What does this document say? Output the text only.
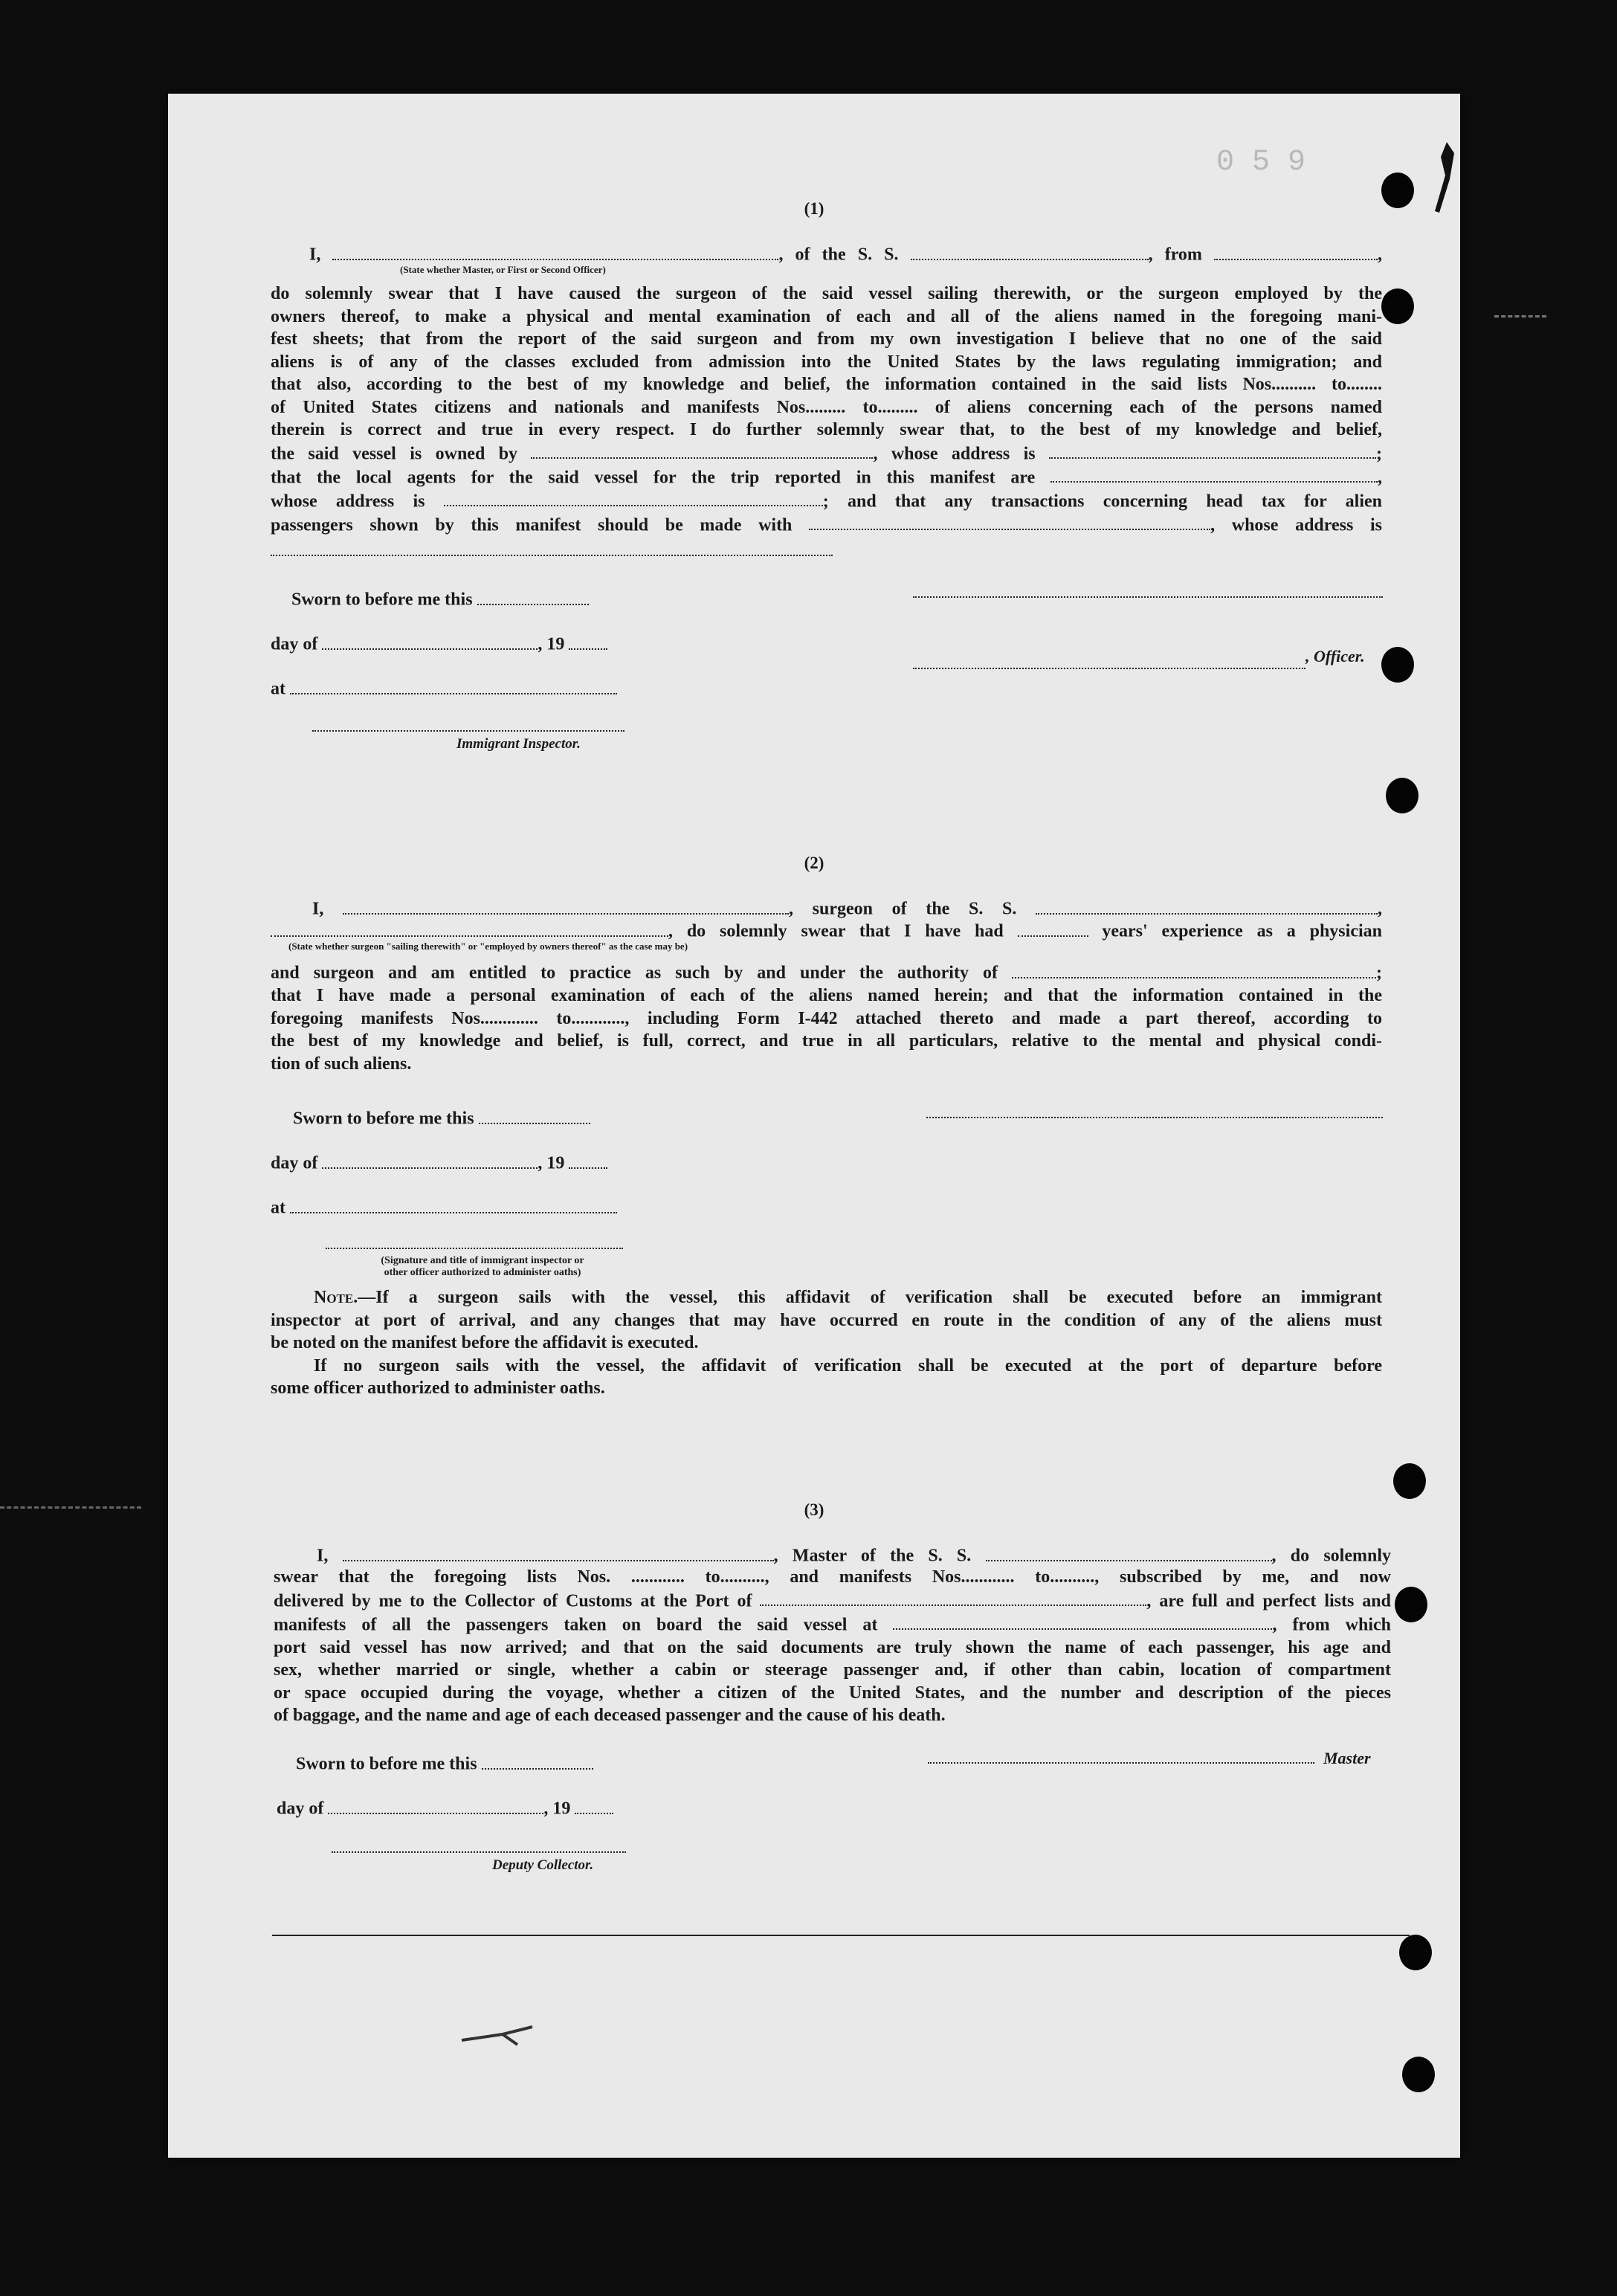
0 5 9
(1)
I,	, of the S. S.	, from	,
(State whether Master, or First or Second Officer)
do solemnly swear that I have caused the surgeon of the said vessel sailing therewith, or the surgeon employed by the
owners thereof, to make a physical and mental examination of each and all of the aliens named in the foregoing mani-
fest sheets; that from the report of the said surgeon and from my own investigation I believe that no one of the said
aliens is of any of the classes excluded from admission into the United States by the laws regulating immigration; and
that also, according to the best of my knowledge and belief, the information contained in the said lists Nos.......... to........
of United States citizens and nationals and manifests Nos......... to......... of aliens concerning each of the persons named
therein is correct and true in every respect. I do further solemnly swear that, to the best of my knowledge and belief,
the said vessel is owned by	, whose address is	;
that the local agents for the said vessel for the trip reported in this manifest are	,
whose address is	; and that any transactions concerning head tax for alien
passengers shown by this manifest should be made with	, whose address is
Sworn to before me this
day of	, 19
at
Immigrant Inspector.
, Officer.
(2)
I,	, surgeon of the S. S.	,
, do solemnly swear that I have had	years' experience as a physician
(State whether surgeon "sailing therewith" or "employed by owners thereof" as the case may be)
and surgeon and am entitled to practice as such by and under the authority of	;
that I have made a personal examination of each of the aliens named herein; and that the information contained in the
foregoing manifests Nos............. to............, including Form I-442 attached thereto and made a part thereof, according to
the best of my knowledge and belief, is full, correct, and true in all particulars, relative to the mental and physical condi-
tion of such aliens.
Sworn to before me this
day of	, 19
at
(Signature and title of immigrant inspector or
other officer authorized to administer oaths)
Note.—If a surgeon sails with the vessel, this affidavit of verification shall be executed before an immigrant
inspector at port of arrival, and any changes that may have occurred en route in the condition of any of the aliens must
be noted on the manifest before the affidavit is executed.
If no surgeon sails with the vessel, the affidavit of verification shall be executed at the port of departure before
some officer authorized to administer oaths.
(3)
I,	, Master of the S. S.	, do solemnly
swear that the foregoing lists Nos. ............ to.........., and manifests Nos............ to.........., subscribed by me, and now
delivered by me to the Collector of Customs at the Port of	, are full and perfect lists and
manifests of all the passengers taken on board the said vessel at	, from which
port said vessel has now arrived; and that on the said documents are truly shown the name of each passenger, his age and
sex, whether married or single, whether a cabin or steerage passenger and, if other than cabin, location of compartment
or space occupied during the voyage, whether a citizen of the United States, and the number and description of the pieces
of baggage, and the name and age of each deceased passenger and the cause of his death.
Sworn to before me this	Master
day of	, 19
Deputy Collector.
